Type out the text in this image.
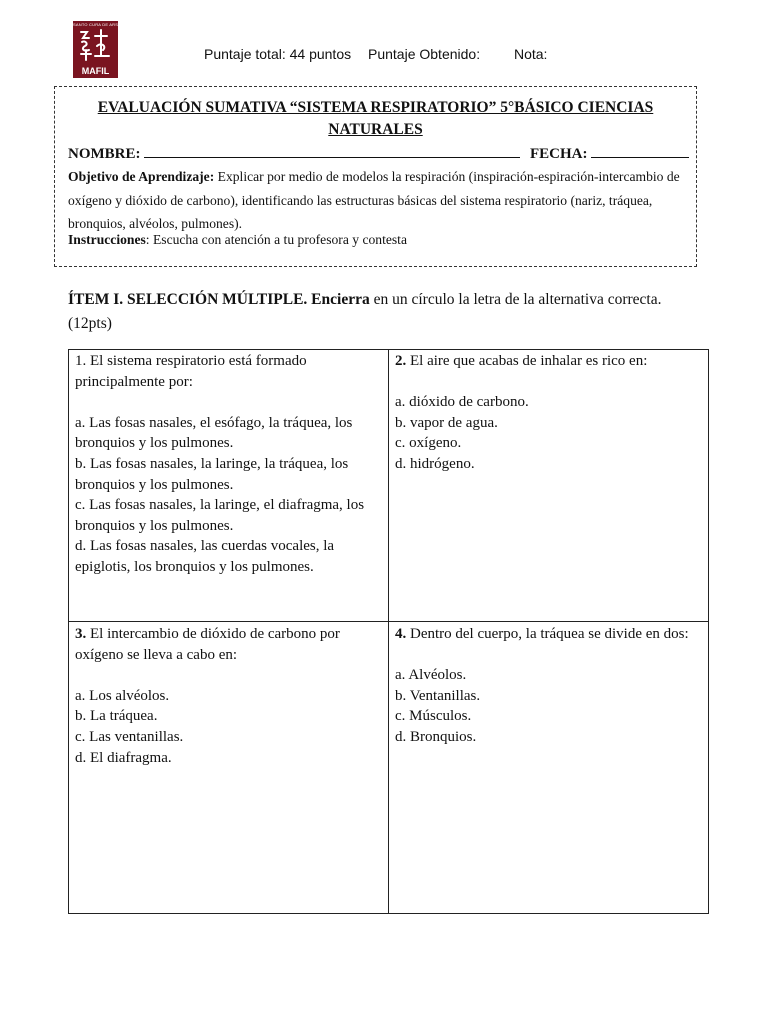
SANTO CURA DE ARS
MAFIL
Puntaje total: 44 puntos Puntaje Obtenido: Nota:
EVALUACIÓN SUMATIVA “SISTEMA RESPIRATORIO” 5°BÁSICO CIENCIAS NATURALES
NOMBRE:	FECHA:
Objetivo de Aprendizaje: Explicar por medio de modelos la respiración (inspiración-espiración-intercambio de oxígeno y dióxido de carbono), identificando las estructuras básicas del sistema respiratorio (nariz, tráquea, bronquios, alvéolos, pulmones).
Instrucciones: Escucha con atención a tu profesora y contesta
ÍTEM I. SELECCIÓN MÚLTIPLE. Encierra en un círculo la letra de la alternativa correcta. (12pts)
1. El sistema respiratorio está formado principalmente por:
a. Las fosas nasales, el esófago, la tráquea, los bronquios y los pulmones.
b. Las fosas nasales, la laringe, la tráquea, los bronquios y los pulmones.
c. Las fosas nasales, la laringe, el diafragma, los bronquios y los pulmones.
d. Las fosas nasales, las cuerdas vocales, la epiglotis, los bronquios y los pulmones.
2. El aire que acabas de inhalar es rico en:
a. dióxido de carbono.
b. vapor de agua.
c. oxígeno.
d. hidrógeno.
3. El intercambio de dióxido de carbono por oxígeno se lleva a cabo en:
a. Los alvéolos.
b. La tráquea.
c. Las ventanillas.
d. El diafragma.
4. Dentro del cuerpo, la tráquea se divide en dos:
a. Alvéolos.
b. Ventanillas.
c. Músculos.
d. Bronquios.
